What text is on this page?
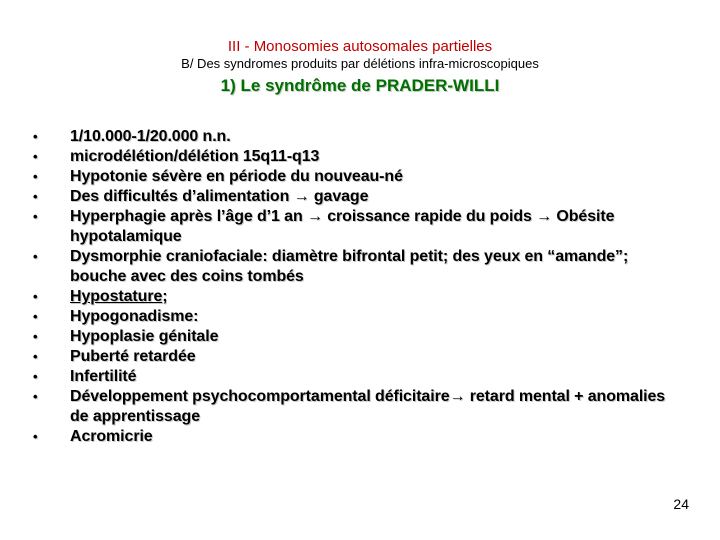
III - Monosomies autosomales partielles
B/ Des syndromes produits par délétions infra-microscopiques
1) Le syndrôme de PRADER-WILLI
• 1/10.000-1/20.000 n.n.
• microdélétion/délétion 15q11-q13
• Hypotonie sévère en période du nouveau-né
• Des difficultés d’alimentation → gavage
• Hyperphagie après l’âge d’1 an → croissance rapide du poids → Obésite hypotalamique
• Dysmorphie craniofaciale: diamètre bifrontal petit; des yeux en “amande”; bouche avec des coins tombés
• Hypostature;
• Hypogonadisme:
• Hypoplasie génitale
• Puberté retardée
• Infertilité
• Développement psychocomportamental déficitaire→ retard mental + anomalies de apprentissage
• Acromicrie
24
